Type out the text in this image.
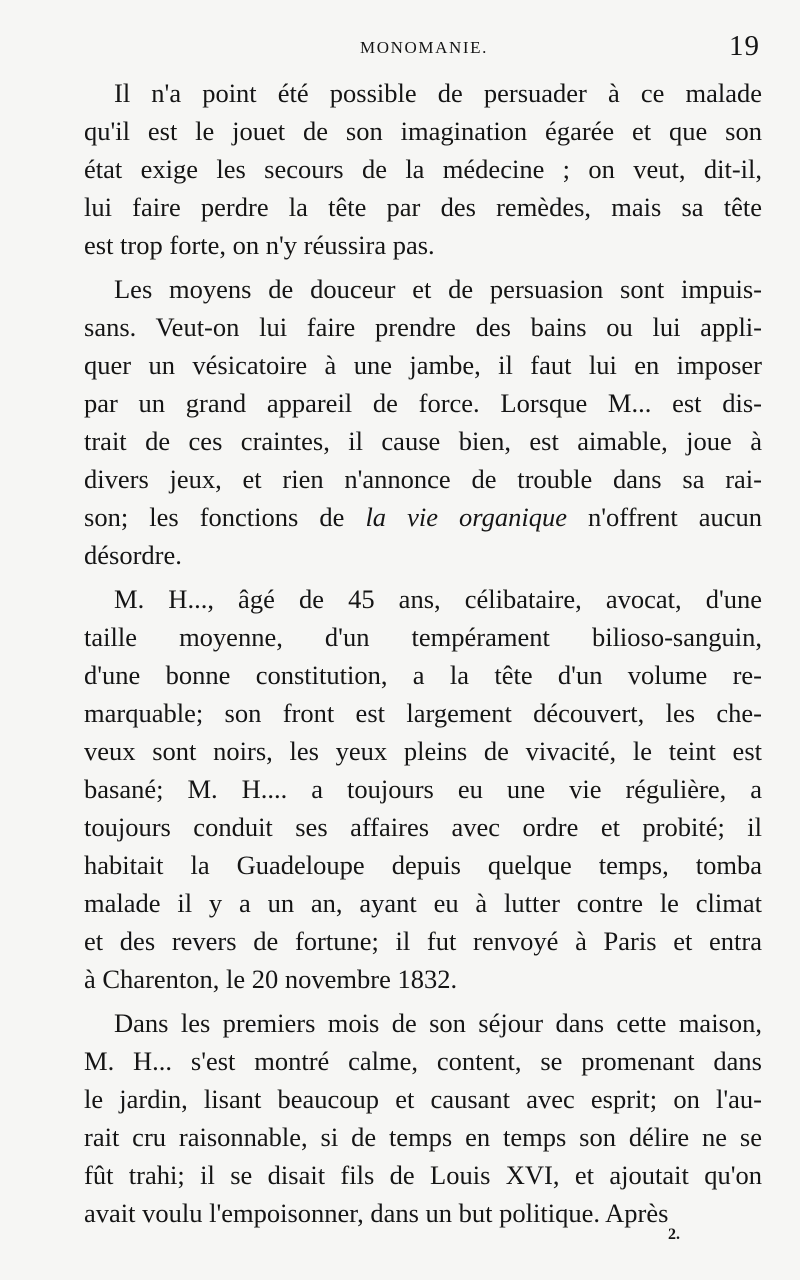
MONOMANIE.	19
Il n'a point été possible de persuader à ce malade
qu'il est le jouet de son imagination égarée et que son
état exige les secours de la médecine ; on veut, dit-il,
lui faire perdre la tête par des remèdes, mais sa tête
est trop forte, on n'y réussira pas.
Les moyens de douceur et de persuasion sont impuis-
sans. Veut-on lui faire prendre des bains ou lui appli-
quer un vésicatoire à une jambe, il faut lui en imposer
par un grand appareil de force. Lorsque M... est dis-
trait de ces craintes, il cause bien, est aimable, joue à
divers jeux, et rien n'annonce de trouble dans sa rai-
son; les fonctions de la vie organique n'offrent aucun
désordre.
M. H..., âgé de 45 ans, célibataire, avocat, d'une
taille moyenne, d'un tempérament bilioso-sanguin,
d'une bonne constitution, a la tête d'un volume re-
marquable; son front est largement découvert, les che-
veux sont noirs, les yeux pleins de vivacité, le teint est
basané; M. H.... a toujours eu une vie régulière, a
toujours conduit ses affaires avec ordre et probité; il
habitait la Guadeloupe depuis quelque temps, tomba
malade il y a un an, ayant eu à lutter contre le climat
et des revers de fortune; il fut renvoyé à Paris et entra
à Charenton, le 20 novembre 1832.
Dans les premiers mois de son séjour dans cette maison,
M. H... s'est montré calme, content, se promenant dans
le jardin, lisant beaucoup et causant avec esprit; on l'au-
rait cru raisonnable, si de temps en temps son délire ne se
fût trahi; il se disait fils de Louis XVI, et ajoutait qu'on
avait voulu l'empoisonner, dans un but politique. Après
2.
